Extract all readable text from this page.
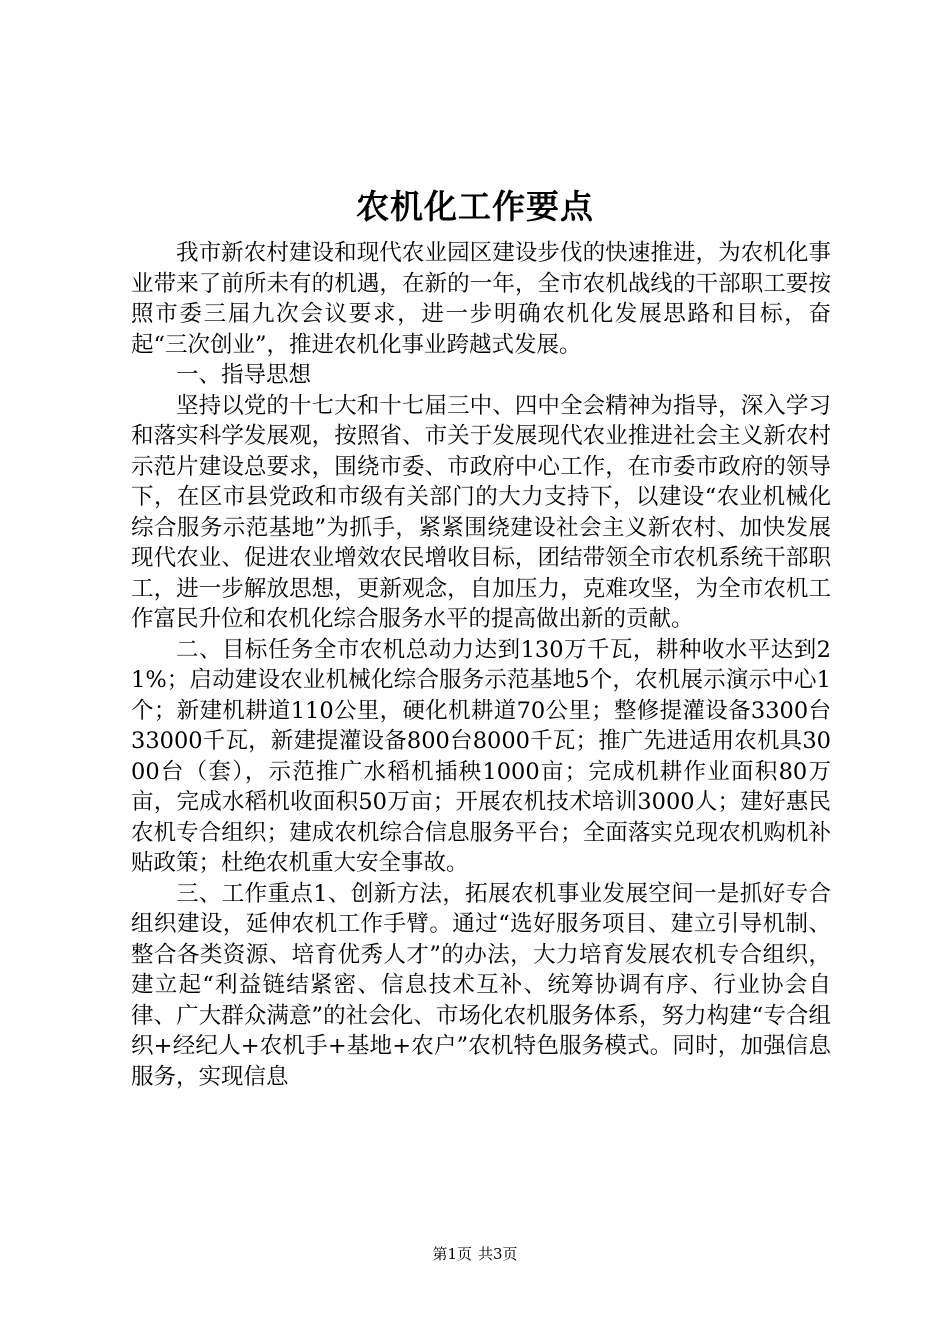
农机化工作要点

我市新农村建设和现代农业园区建设步伐的快速推进，为农机化事业带来了前所未有的机遇，在新的一年，全市农机战线的干部职工要按照市委三届九次会议要求，进一步明确农机化发展思路和目标，奋起“三次创业”，推进农机化事业跨越式发展。

一、指导思想

坚持以党的十七大和十七届三中、四中全会精神为指导，深入学习和落实科学发展观，按照省、市关于发展现代农业推进社会主义新农村示范片建设总要求，围绕市委、市政府中心工作，在市委市政府的领导下，在区市县党政和市级有关部门的大力支持下，以建设“农业机械化综合服务示范基地”为抓手，紧紧围绕建设社会主义新农村、加快发展现代农业、促进农业增效农民增收目标，团结带领全市农机系统干部职工，进一步解放思想，更新观念，自加压力，克难攻坚，为全市农机工作富民升位和农机化综合服务水平的提高做出新的贡献。

二、目标任务全市农机总动力达到130万千瓦，耕种收水平达到21%；启动建设农业机械化综合服务示范基地5个，农机展示演示中心1个；新建机耕道110公里，硬化机耕道70公里；整修提灌设备3300台33000千瓦，新建提灌设备800台8000千瓦；推广先进适用农机具3000台（套），示范推广水稻机插秧1000亩；完成机耕作业面积80万亩，完成水稻机收面积50万亩；开展农机技术培训3000人；建好惠民农机专合组织；建成农机综合信息服务平台；全面落实兑现农机购机补贴政策；杜绝农机重大安全事故。

三、工作重点1、创新方法，拓展农机事业发展空间一是抓好专合组织建设，延伸农机工作手臂。通过“选好服务项目、建立引导机制、整合各类资源、培育优秀人才”的办法，大力培育发展农机专合组织，建立起“利益链结紧密、信息技术互补、统筹协调有序、行业协会自律、广大群众满意”的社会化、市场化农机服务体系，努力构建“专合组织+经纪人+农机手+基地+农户”农机特色服务模式。同时，加强信息服务，实现信息

第1页 共3页
